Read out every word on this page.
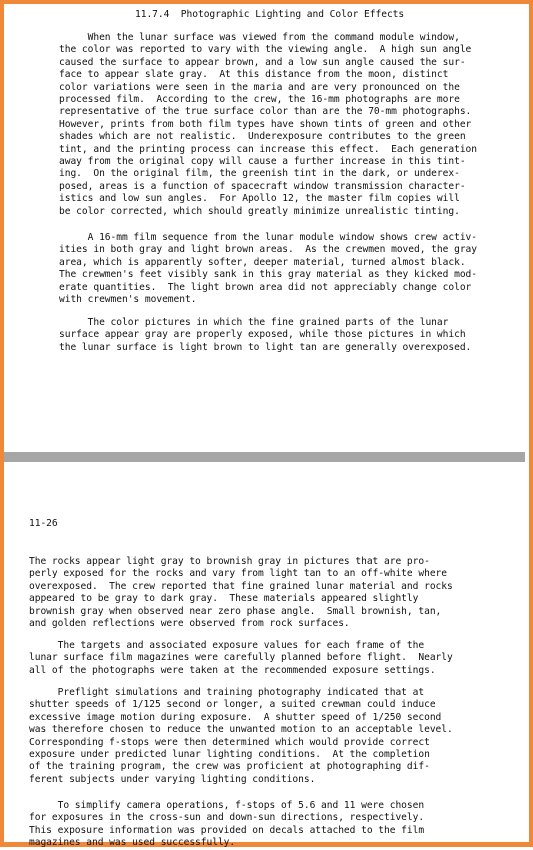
11.7.4  Photographic Lighting and Color Effects

When the lunar surface was viewed from the command module window,
the color was reported to vary with the viewing angle.  A high sun angle
caused the surface to appear brown, and a low sun angle caused the sur-
face to appear slate gray.  At this distance from the moon, distinct
color variations were seen in the maria and are very pronounced on the
processed film.  According to the crew, the 16-mm photographs are more
representative of the true surface color than are the 70-mm photographs.
However, prints from both film types have shown tints of green and other
shades which are not realistic.  Underexposure contributes to the green
tint, and the printing process can increase this effect.  Each generation
away from the original copy will cause a further increase in this tint-
ing.  On the original film, the greenish tint in the dark, or underex-
posed, areas is a function of spacecraft window transmission character-
istics and low sun angles.  For Apollo 12, the master film copies will
be color corrected, which should greatly minimize unrealistic tinting.

A 16-mm film sequence from the lunar module window shows crew activ-
ities in both gray and light brown areas.  As the crewmen moved, the gray
area, which is apparently softer, deeper material, turned almost black.
The crewmen's feet visibly sank in this gray material as they kicked mod-
erate quantities.  The light brown area did not appreciably change color
with crewmen's movement.

The color pictures in which the fine grained parts of the lunar
surface appear gray are properly exposed, while those pictures in which
the lunar surface is light brown to light tan are generally overexposed.

11-26

The rocks appear light gray to brownish gray in pictures that are pro-
perly exposed for the rocks and vary from light tan to an off-white where
overexposed.  The crew reported that fine grained lunar material and rocks
appeared to be gray to dark gray.  These materials appeared slightly
brownish gray when observed near zero phase angle.  Small brownish, tan,
and golden reflections were observed from rock surfaces.

The targets and associated exposure values for each frame of the
lunar surface film magazines were carefully planned before flight.  Nearly
all of the photographs were taken at the recommended exposure settings.

Preflight simulations and training photography indicated that at
shutter speeds of 1/125 second or longer, a suited crewman could induce
excessive image motion during exposure.  A shutter speed of 1/250 second
was therefore chosen to reduce the unwanted motion to an acceptable level.
Corresponding f-stops were then determined which would provide correct
exposure under predicted lunar lighting conditions.  At the completion
of the training program, the crew was proficient at photographing dif-
ferent subjects under varying lighting conditions.

To simplify camera operations, f-stops of 5.6 and 11 were chosen
for exposures in the cross-sun and down-sun directions, respectively.
This exposure information was provided on decals attached to the film
magazines and was used successfully.
